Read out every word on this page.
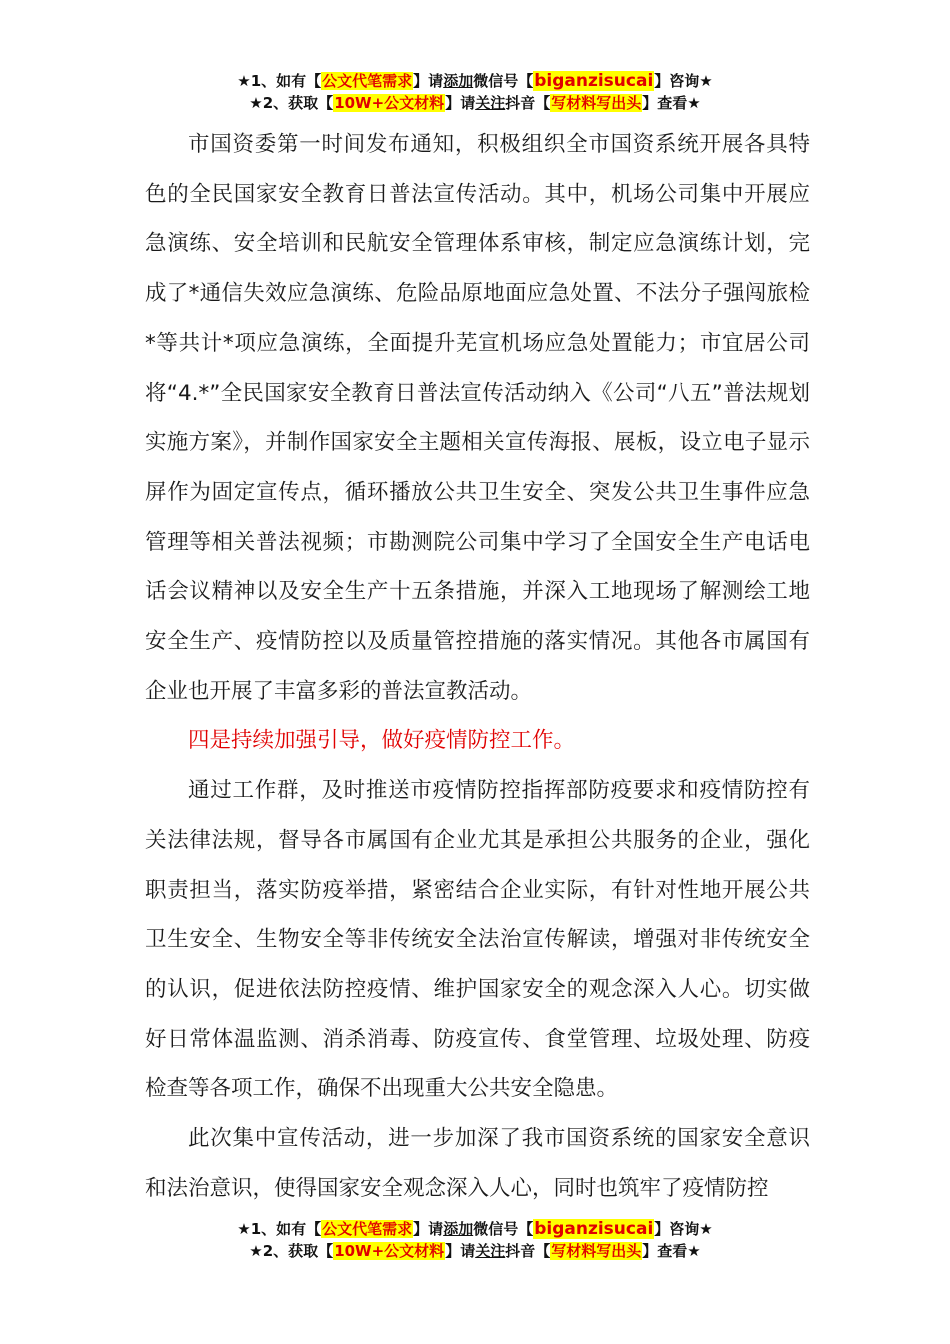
★1、如有【公文代笔需求】请添加微信号【biganzisucai】咨询★
★2、获取【10W+公文材料】请关注抖音【写材料写出头】查看★

市国资委第一时间发布通知，积极组织全市国资系统开展各具特色的全民国家安全教育日普法宣传活动。其中，机场公司集中开展应急演练、安全培训和民航安全管理体系审核，制定应急演练计划，完成了*通信失效应急演练、危险品原地面应急处置、不法分子强闯旅检*等共计*项应急演练，全面提升芜宣机场应急处置能力；市宜居公司将“4.*”全民国家安全教育日普法宣传活动纳入《公司“八五”普法规划实施方案》，并制作国家安全主题相关宣传海报、展板，设立电子显示屏作为固定宣传点，循环播放公共卫生安全、突发公共卫生事件应急管理等相关普法视频；市勘测院公司集中学习了全国安全生产电话电话会议精神以及安全生产十五条措施，并深入工地现场了解测绘工地安全生产、疫情防控以及质量管控措施的落实情况。其他各市属国有企业也开展了丰富多彩的普法宣教活动。

四是持续加强引导，做好疫情防控工作。

通过工作群，及时推送市疫情防控指挥部防疫要求和疫情防控有关法律法规，督导各市属国有企业尤其是承担公共服务的企业，强化职责担当，落实防疫举措，紧密结合企业实际，有针对性地开展公共卫生安全、生物安全等非传统安全法治宣传解读，增强对非传统安全的认识，促进依法防控疫情、维护国家安全的观念深入人心。切实做好日常体温监测、消杀消毒、防疫宣传、食堂管理、垃圾处理、防疫检查等各项工作，确保不出现重大公共安全隐患。

此次集中宣传活动，进一步加深了我市国资系统的国家安全意识和法治意识，使得国家安全观念深入人心，同时也筑牢了疫情防控

★1、如有【公文代笔需求】请添加微信号【biganzisucai】咨询★
★2、获取【10W+公文材料】请关注抖音【写材料写出头】查看★
